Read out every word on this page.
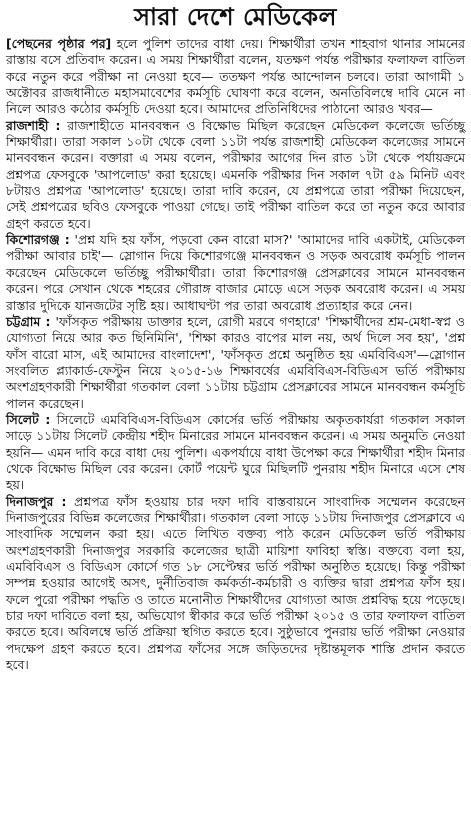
সারা দেশে মেডিকেল

[পেছনের পৃষ্ঠার পর] হলে পুলিশ তাদের বাধা দেয়। শিক্ষার্থীরা তখন শাহবাগ থানার সামনের রাস্তায় বসে প্রতিবাদ করেন। এ সময় শিক্ষার্থীরা বলেন, যতক্ষণ পর্যন্ত পরীক্ষার ফলাফল বাতিল করে নতুন করে পরীক্ষা না নেওয়া হবে— ততক্ষণ পর্যন্ত আন্দোলন চলবে। তারা আগামী ১ অক্টোবর রাজধানীতে মহাসমাবেশের কর্মসূচি ঘোষণা করে বলেন, অনতিবিলম্বে দাবি মেনে না নিলে আরও কঠোর কর্মসূচি দেওয়া হবে। আমাদের প্রতিনিধিদের পাঠানো আরও খবর—

রাজশাহী : রাজশাহীতে মানববন্ধন ও বিক্ষোভ মিছিল করেছেন মেডিকেল কলেজে ভর্তিচ্ছু শিক্ষার্থীরা। তারা সকাল ১০টা থেকে বেলা ১১টা পর্যন্ত রাজশাহী মেডিকেল কলেজের সামনে মানববন্ধন করেন। বক্তারা এ সময় বলেন, পরীক্ষার আগের দিন রাত ১টা থেকে পর্যায়ক্রমে প্রশ্নপত্র ফেসবুকে 'আপলোড' করা হয়েছে। এমনকি পরীক্ষার দিন সকাল ৭টা ৫৯ মিনিট এবং ৮টায়ও প্রশ্নপত্র 'আপলোড' হয়েছে। তারা দাবি করেন, যে প্রশ্নপত্রে তারা পরীক্ষা দিয়েছেন, সেই প্রশ্নপত্রের ছবিও ফেসবুকে পাওয়া গেছে। তাই পরীক্ষা বাতিল করে তা নতুন করে আবার গ্রহণ করতে হবে।

কিশোরগঞ্জ : 'প্রশ্ন যদি হয় ফাঁস, পড়বো কেন বারো মাস?' 'আমাদের দাবি একটাই, মেডিকেল পরীক্ষা আবার চাই'— স্লোগান দিয়ে কিশোরগঞ্জে মানববন্ধন ও সড়ক অবরোধ কর্মসূচি পালন করেছেন মেডিকেলে ভর্তিচ্ছু পরীক্ষার্থীরা। তারা কিশোরগঞ্জ প্রেসক্লাবের সামনে মানববন্ধন করেন। পরে সেখান থেকে শহরের গৌরাঙ্গ বাজার মোড়ে এসে সড়ক অবরোধ করেন। এ সময় রাস্তার দুদিকে যানজটের সৃষ্টি হয়। আধাঘণ্টা পর তারা অবরোধ প্রত্যাহার করে নেন।

চট্টগ্রাম : 'ফাঁসকৃত পরীক্ষায় ডাক্তার হলে, রোগী মরবে গণহারে' 'শিক্ষার্থীদের শ্রম-মেধা-স্বপ্ন ও যোগ্যতা নিয়ে আর কত ছিনিমিনি', 'শিক্ষা কারও বাপের মাল নয়, অর্থ দিলে সব হয়', 'প্রশ্ন ফাঁস বারো মাস, এই আমাদের বাংলাদেশ', 'ফাঁসকৃত প্রশ্নে অনুষ্ঠিত হয় এমবিবিএস'—স্লোগান সংবলিত প্ল্যাকার্ড-ফেস্টুন নিয়ে ২০১৫-১৬ শিক্ষাবর্ষের এমবিবিএস-বিডিএস ভর্তি পরীক্ষায় অংশগ্রহণকারী শিক্ষার্থীরা গতকাল বেলা ১১টায় চট্টগ্রাম প্রেসক্লাবের সামনে মানববন্ধন কর্মসূচি পালন করেছেন।

সিলেট : সিলেটে এমবিবিএস-বিডিএস কোর্সের ভর্তি পরীক্ষায় অকৃতকার্যরা গতকাল সকাল সাড়ে ১১টায় সিলেট কেন্দ্রীয় শহীদ মিনারের সামনে মানববন্ধন করেন। এ সময় অনুমতি নেওয়া হয়নি— এমন দাবি করে বাধা দেয় পুলিশ। একপর্যায়ে বাধা উপেক্ষা করে শিক্ষার্থীরা শহীদ মিনার থেকে বিক্ষোভ মিছিল বের করেন। কোর্ট পয়েন্ট ঘুরে মিছিলটি পুনরায় শহীদ মিনারে এসে শেষ হয়।

দিনাজপুর : প্রশ্নপত্র ফাঁস হওয়ায় চার দফা দাবি বাস্তবায়নে সাংবাদিক সম্মেলন করেছেন দিনাজপুরের বিভিন্ন কলেজের শিক্ষার্থীরা। গতকাল বেলা সাড়ে ১১টায় দিনাজপুর প্রেসক্লাবে এ সাংবাদিক সম্মেলন করা হয়। এতে লিখিত বক্তব্য পাঠ করেন মেডিকেল ভর্তি পরীক্ষায় অংশগ্রহণকারী দিনাজপুর সরকারি কলেজের ছাত্রী মায়িশা ফাবিহা স্বস্তি। বক্তব্যে বলা হয়, এমবিবিএস ও বিডিএস কোর্সে গত ১৮ সেপ্টেম্বর ভর্তি পরীক্ষা অনুষ্ঠিত হয়েছে। কিন্তু পরীক্ষা সম্পন্ন হওয়ার আগেই অসৎ, দুর্নীতিবাজ কর্মকর্তা-কর্মচারী ও ব্যক্তির দ্বারা প্রশ্নপত্র ফাঁস হয়। ফলে পুরো পরীক্ষা পদ্ধতি ও তাতে মনোনীত শিক্ষার্থীদের যোগ্যতা আজ প্রশ্নবিদ্ধ হয়ে পড়েছে। চার দফা দাবিতে বলা হয়, অভিযোগ স্বীকার করে ভর্তি পরীক্ষা ২০১৫ ও তার ফলাফল বাতিল করতে হবে। অবিলম্বে ভর্তি প্রক্রিয়া স্থগিত করতে হবে। সুষ্ঠুভাবে পুনরায় ভর্তি পরীক্ষা নেওয়ার পদক্ষেপ গ্রহণ করতে হবে। প্রশ্নপত্র ফাঁসের সঙ্গে জড়িতদের দৃষ্টান্তমূলক শাস্তি প্রদান করতে হবে।
